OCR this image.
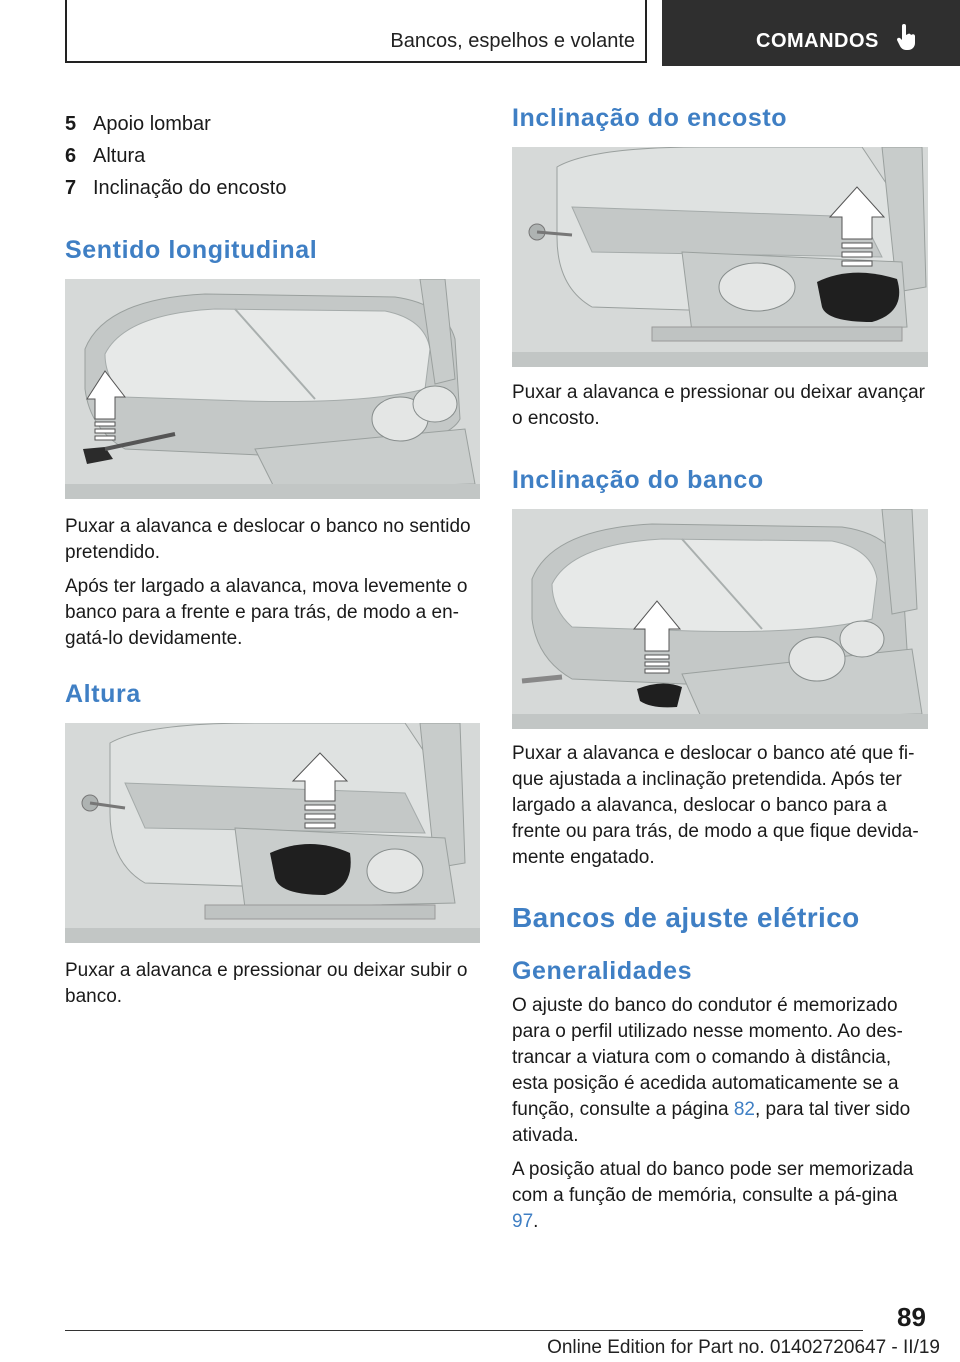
Bancos, espelhos e volante	COMANDOS
5 Apoio lombar
6 Altura
7 Inclinação do encosto
Sentido longitudinal

Puxar a alavanca e deslocar o banco no sentido pretendido.

Após ter largado a alavanca, mova levemente o banco para a frente e para trás, de modo a en-gatá-lo devidamente.

Altura

Puxar a alavanca e pressionar ou deixar subir o banco.

Inclinação do encosto

Puxar a alavanca e pressionar ou deixar avançar o encosto.

Inclinação do banco

Puxar a alavanca e deslocar o banco até que fi-que ajustada a inclinação pretendida. Após ter largado a alavanca, deslocar o banco para a frente ou para trás, de modo a que fique devida-mente engatado.

Bancos de ajuste elétrico
Generalidades

O ajuste do banco do condutor é memorizado para o perfil utilizado nesse momento. Ao des-trancar a viatura com o comando à distância, esta posição é acedida automaticamente se a função, consulte a página 82, para tal tiver sido ativada.

A posição atual do banco pode ser memorizada com a função de memória, consulte a pá-gina 97.

89
Online Edition for Part no. 01402720647 - II/19
